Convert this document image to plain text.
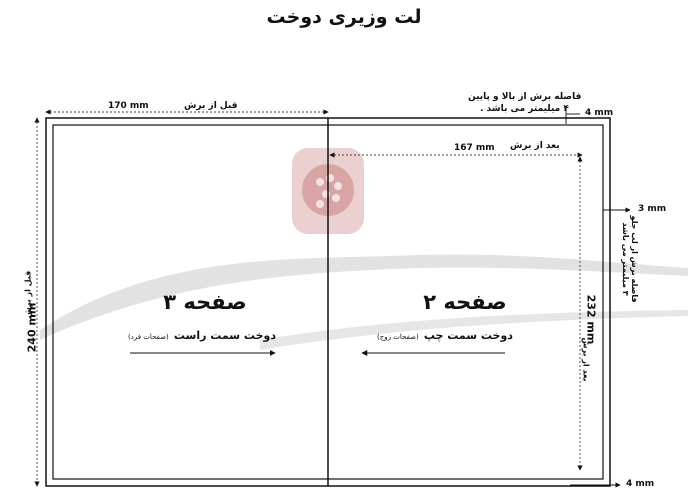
لت وزیری دوخت
170 mm	قبل از برش
167 mm بعد از برش
فاصله برش از بالا و پایین
۴ میلیمتر می باشد . 4 mm
3 mm
4 mm
240 mm
قبل از برش
232 mm
بعد از برش
فاصله برش از لب جلو
۳ میلیمتر می باشد
صفحه ۳
دوخت سمت راست (صفحات فرد)
صفحه ۲
دوخت سمت چپ (صفحات زوج)
